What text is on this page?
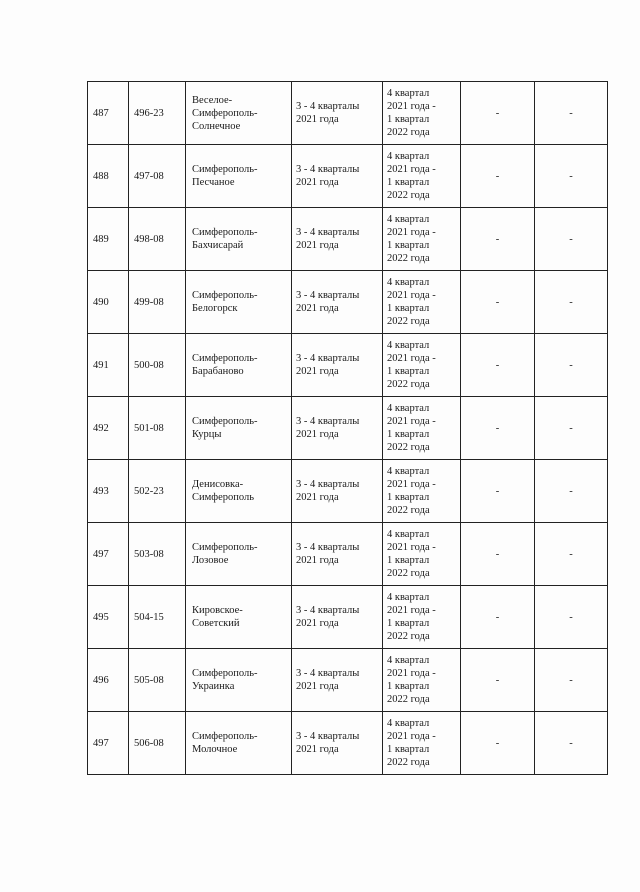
487	496-23	Веселое-
Симферополь-
Солнечное	3 - 4 кварталы
2021 года	4 квартал
2021 года -
1 квартал
2022 года	-	-
488	497-08	Симферополь-
Песчаное	3 - 4 кварталы
2021 года	4 квартал
2021 года -
1 квартал
2022 года	-	-
489	498-08	Симферополь-
Бахчисарай	3 - 4 кварталы
2021 года	4 квартал
2021 года -
1 квартал
2022 года	-	-
490	499-08	Симферополь-
Белогорск	3 - 4 кварталы
2021 года	4 квартал
2021 года -
1 квартал
2022 года	-	-
491	500-08	Симферополь-
Барабаново	3 - 4 кварталы
2021 года	4 квартал
2021 года -
1 квартал
2022 года	-	-
492	501-08	Симферополь-
Курцы	3 - 4 кварталы
2021 года	4 квартал
2021 года -
1 квартал
2022 года	-	-
493	502-23	Денисовка-
Симферополь	3 - 4 кварталы
2021 года	4 квартал
2021 года -
1 квартал
2022 года	-	-
497	503-08	Симферополь-
Лозовое	3 - 4 кварталы
2021 года	4 квартал
2021 года -
1 квартал
2022 года	-	-
495	504-15	Кировское-
Советский	3 - 4 кварталы
2021 года	4 квартал
2021 года -
1 квартал
2022 года	-	-
496	505-08	Симферополь-
Украинка	3 - 4 кварталы
2021 года	4 квартал
2021 года -
1 квартал
2022 года	-	-
497	506-08	Симферополь-
Молочное	3 - 4 кварталы
2021 года	4 квартал
2021 года -
1 квартал
2022 года	-	-
